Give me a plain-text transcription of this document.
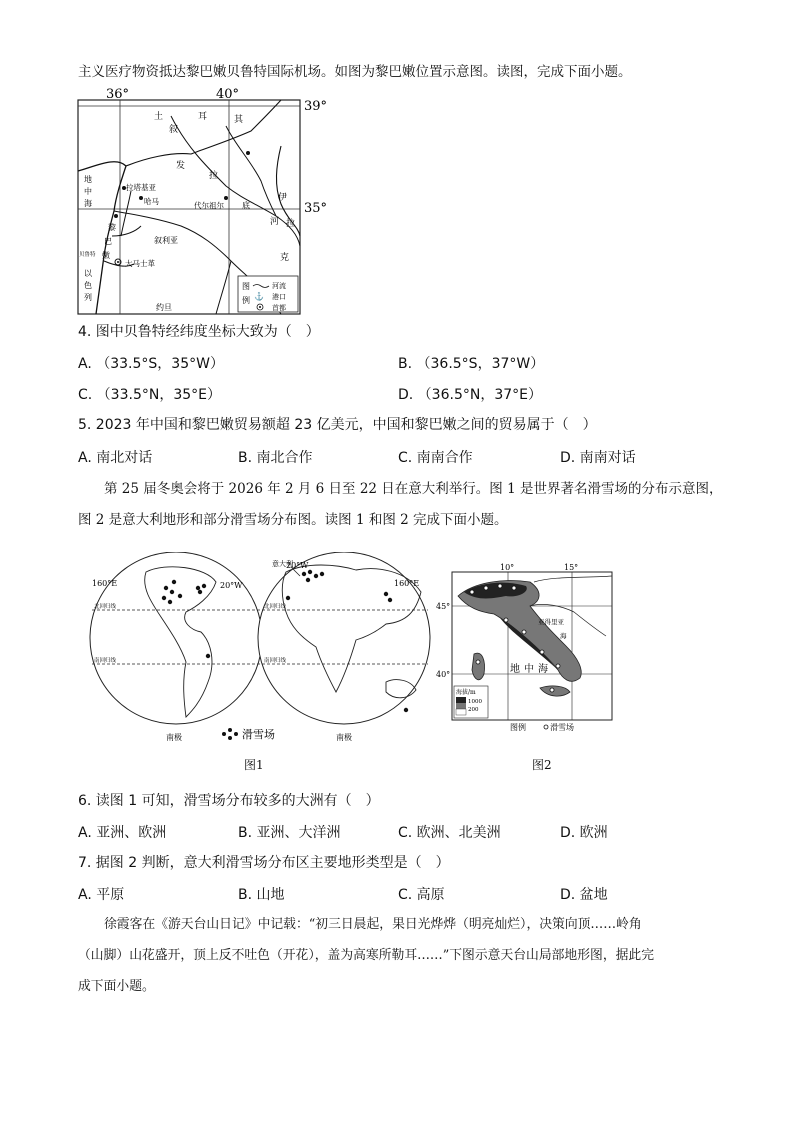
主义医疗物资抵达黎巴嫩贝鲁特国际机场。如图为黎巴嫩位置示意图。读图，完成下面小题。
36°	40°
39°
35°
土	耳	其
叙
发
拉
地
中
海
拉塔基亚
哈马	代尔祖尔 底
伊
拉
河
克
黎
巴
嫩
贝鲁特
大马士革
叙利亚
以
色
列
约旦
图
例
河流
⚓ 港口
首都
4. 图中贝鲁特经纬度坐标大致为（　）
A. （33.5°S，35°W）	B. （36.5°S，37°W）
C. （33.5°N，35°E）	D. （36.5°N，37°E）
5. 2023 年中国和黎巴嫩贸易额超 23 亿美元，中国和黎巴嫩之间的贸易属于（　）
A. 南北对话	B. 南北合作	C. 南南合作	D. 南南对话
第 25 届冬奥会将于 2026 年 2 月 6 日至 22 日在意大利举行。图 1 是世界著名滑雪场的分布示意图，
图 2 是意大利地形和部分滑雪场分布图。读图 1 和图 2 完成下面小题。
160°E	20°W
意大利
20°W
160°E
北回归线
南回归线
北回归线
南回归线
南极	南极
滑雪场
图1
10°	15°
45°
40°
亚得里亚
海
地 中 海
海拔/m
1000
200
图例	滑雪场
图2
6. 读图 1 可知，滑雪场分布较多的大洲有（　）
A. 亚洲、欧洲	B. 亚洲、大洋洲	C. 欧洲、北美洲	D. 欧洲
7. 据图 2 判断，意大利滑雪场分布区主要地形类型是（　）
A. 平原	B. 山地	C. 高原	D. 盆地
徐霞客在《游天台山日记》中记载：“初三日晨起，果日光烨烨（明亮灿烂），决策向顶……岭角
（山脚）山花盛开，顶上反不吐色（开花），盖为高寒所勒耳……”下图示意天台山局部地形图，据此完
成下面小题。
